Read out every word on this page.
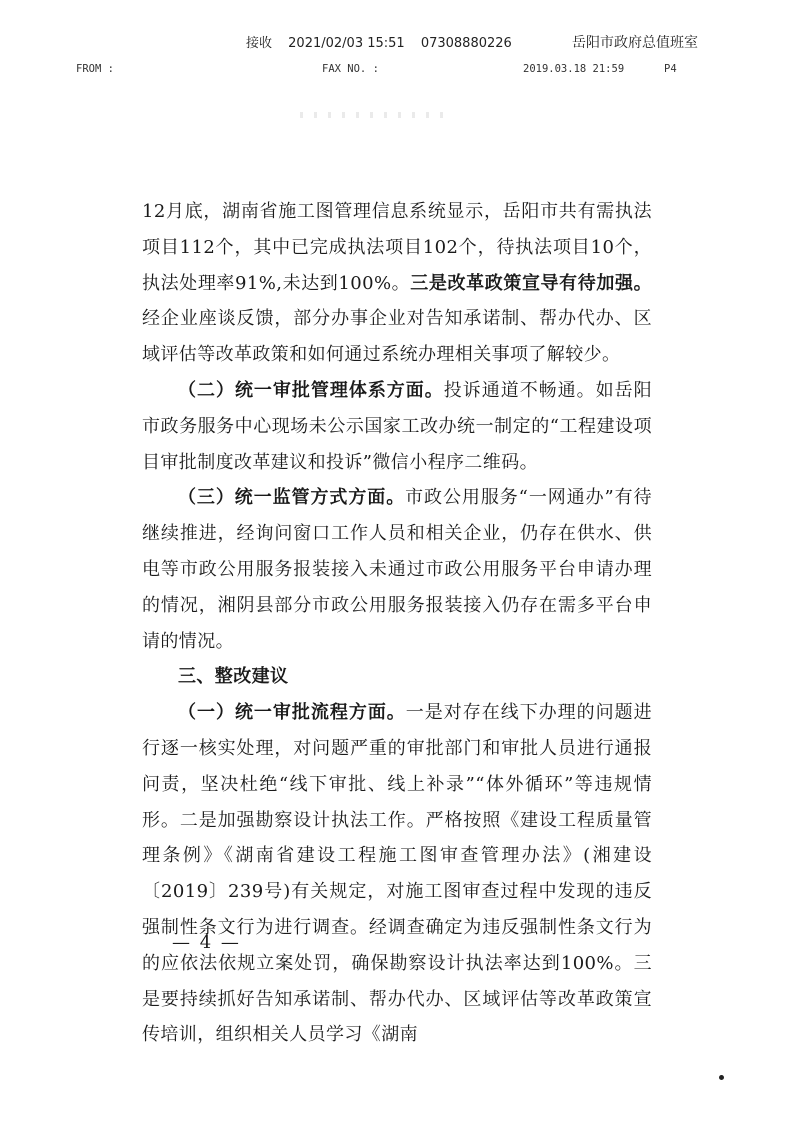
接收 2021/02/03 15:51 07308880226	岳阳市政府总值班室
FROM :	FAX NO. :	2019.03.18 21:59	P4

12月底，湖南省施工图管理信息系统显示，岳阳市共有需执法项目112个，其中已完成执法项目102个，待执法项目10个，执法处理率91%,未达到100%。三是改革政策宣导有待加强。经企业座谈反馈，部分办事企业对告知承诺制、帮办代办、区域评估等改革政策和如何通过系统办理相关事项了解较少。

（二）统一审批管理体系方面。投诉通道不畅通。如岳阳市政务服务中心现场未公示国家工改办统一制定的“工程建设项目审批制度改革建议和投诉”微信小程序二维码。

（三）统一监管方式方面。市政公用服务“一网通办”有待继续推进，经询问窗口工作人员和相关企业，仍存在供水、供电等市政公用服务报装接入未通过市政公用服务平台申请办理的情况，湘阴县部分市政公用服务报装接入仍存在需多平台申请的情况。

三、整改建议

（一）统一审批流程方面。一是对存在线下办理的问题进行逐一核实处理，对问题严重的审批部门和审批人员进行通报问责，坚决杜绝“线下审批、线上补录”“体外循环”等违规情形。二是加强勘察设计执法工作。严格按照《建设工程质量管理条例》《湖南省建设工程施工图审查管理办法》(湘建设〔2019〕239号)有关规定，对施工图审查过程中发现的违反强制性条文行为进行调查。经调查确定为违反强制性条文行为的应依法依规立案处罚，确保勘察设计执法率达到100%。三是要持续抓好告知承诺制、帮办代办、区域评估等改革政策宣传培训，组织相关人员学习《湖南

— 4 —
